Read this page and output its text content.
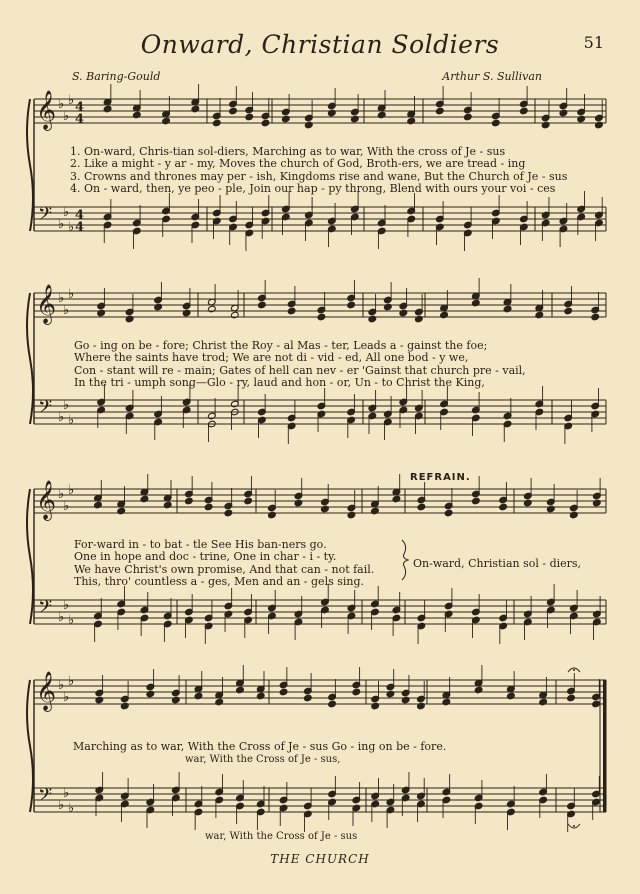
Onward, Christian Soldiers	51
S. Baring-Gould	Arthur S. Sullivan
𝄞
𝄢
♭
♭
♭
♭
♭
♭
4
4
4
4
𝄞
𝄢
♭
♭
♭
♭
♭
♭
𝄞
𝄢
♭
♭
♭
♭
♭
♭
𝄞
𝄢
♭
♭
♭
♭
♭
♭
1. On-ward, Chris-tian sol-diers, Marching as to war, With the cross of Je - sus
2. Like a might - y ar - my, Moves the church of God, Broth-ers, we are tread - ing
3. Crowns and thrones may per - ish, Kingdoms rise and wane, But the Church of Je - sus
4. On - ward, then, ye peo - ple, Join our hap - py throng, Blend with ours your voi - ces
Go - ing on be - fore; Christ the Roy - al Mas - ter, Leads a - gainst the foe;
Where the saints have trod; We are not di - vid - ed, All one bod - y we,
Con - stant will re - main; Gates of hell can nev - er 'Gainst that church pre - vail,
In the tri - umph song—Glo - ry, laud and hon - or, Un - to Christ the King,
REFRAIN.
For-ward in - to bat - tle See His ban-ners go.
One in hope and doc - trine, One in char - i - ty.
We have Christ's own promise, And that can - not fail.
This, thro' countless a - ges, Men and an - gels sing.
On-ward, Christian sol - diers,
Marching as to war, With the Cross of Je - sus Go - ing on be - fore.
war, With the Cross of Je - sus,
war, With the Cross of Je - sus
THE CHURCH
